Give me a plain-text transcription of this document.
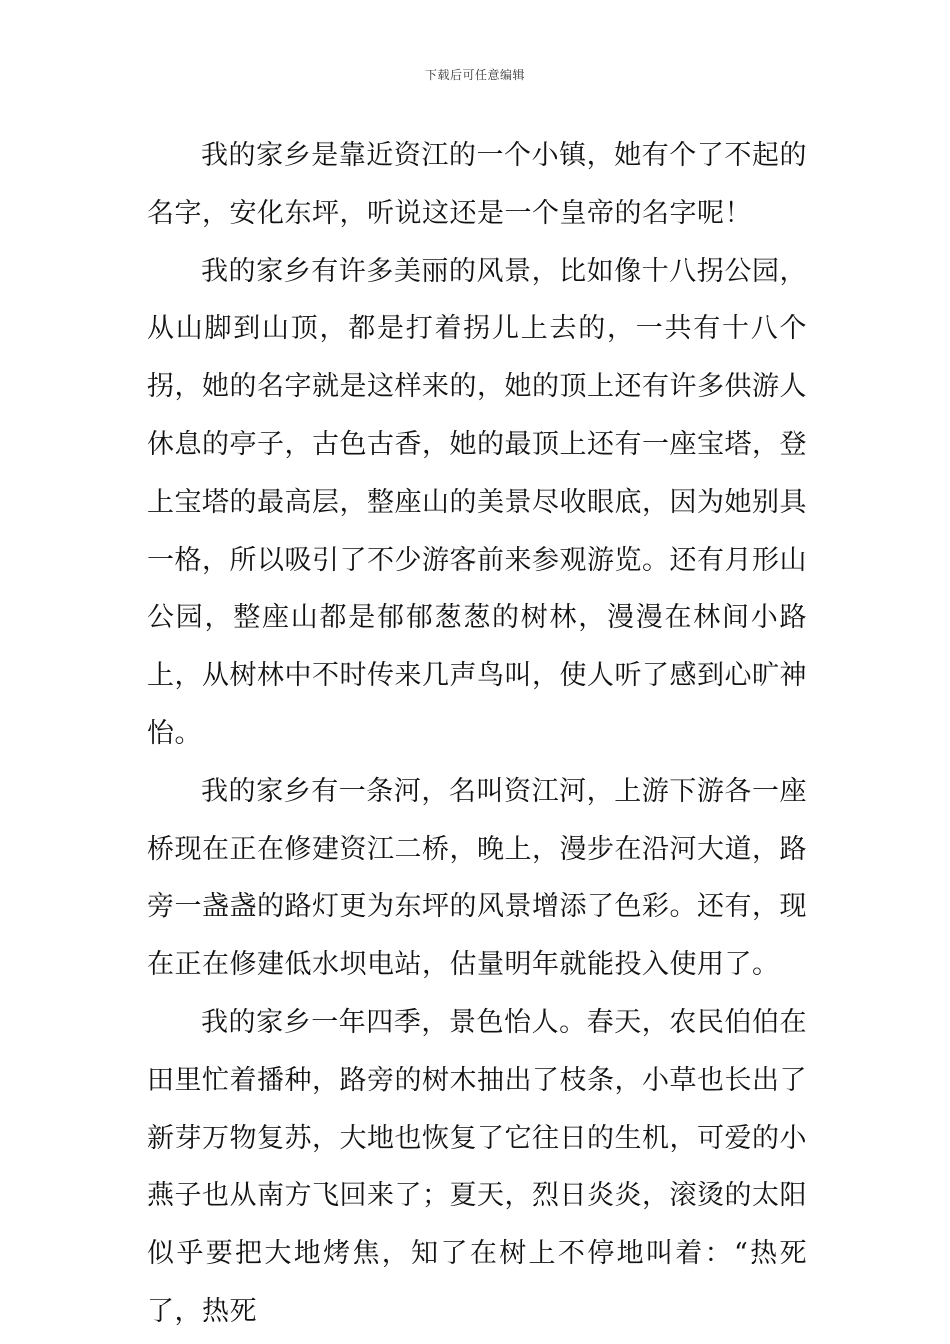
下载后可任意编辑

我的家乡是靠近资江的一个小镇，她有个了不起的名字，安化东坪，听说这还是一个皇帝的名字呢！

我的家乡有许多美丽的风景，比如像十八拐公园，从山脚到山顶，都是打着拐儿上去的，一共有十八个拐，她的名字就是这样来的，她的顶上还有许多供游人休息的亭子，古色古香，她的最顶上还有一座宝塔，登上宝塔的最高层，整座山的美景尽收眼底，因为她别具一格，所以吸引了不少游客前来参观游览。还有月形山公园，整座山都是郁郁葱葱的树林，漫漫在林间小路上，从树林中不时传来几声鸟叫，使人听了感到心旷神怡。

我的家乡有一条河，名叫资江河，上游下游各一座桥现在正在修建资江二桥，晚上，漫步在沿河大道，路旁一盏盏的路灯更为东坪的风景增添了色彩。还有，现在正在修建低水坝电站，估量明年就能投入使用了。

我的家乡一年四季，景色怡人。春天，农民伯伯在田里忙着播种，路旁的树木抽出了枝条，小草也长出了新芽万物复苏，大地也恢复了它往日的生机，可爱的小燕子也从南方飞回来了；夏天，烈日炎炎，滚烫的太阳似乎要把大地烤焦，知了在树上不停地叫着：“热死了，热死
